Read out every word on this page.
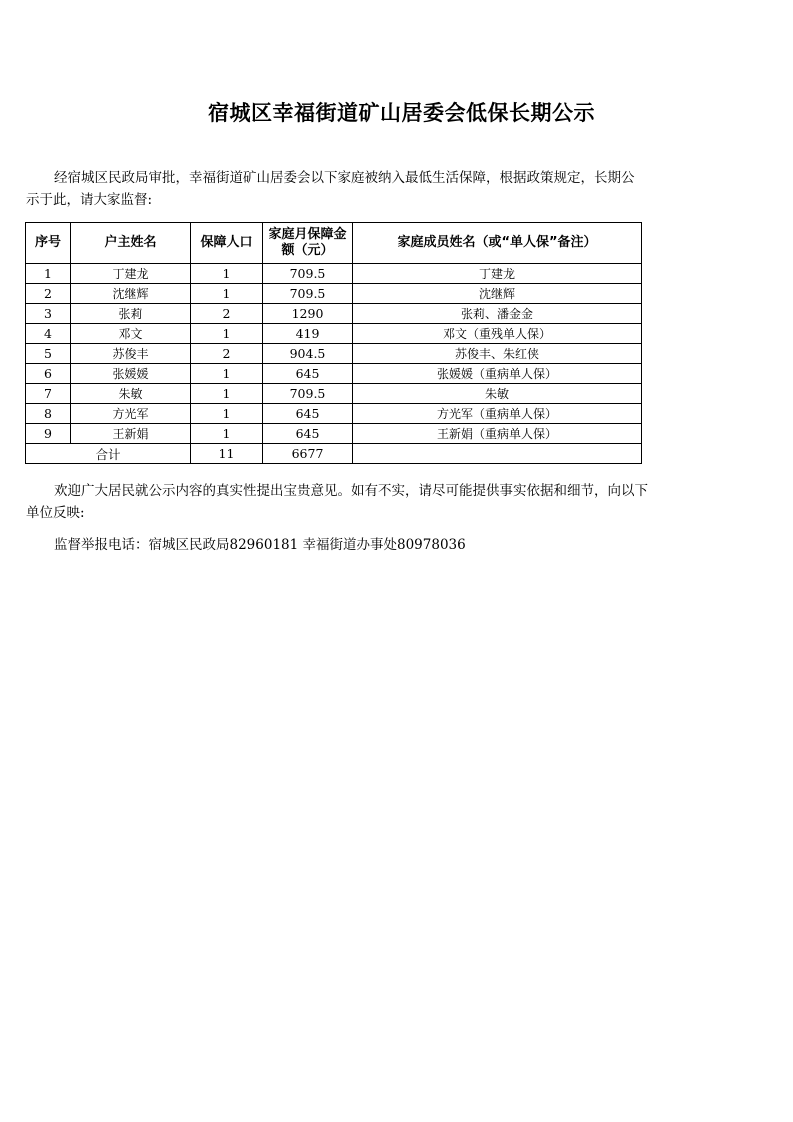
宿城区幸福街道矿山居委会低保长期公示
经宿城区民政局审批，幸福街道矿山居委会以下家庭被纳入最低生活保障，根据政策规定，长期公示于此，请大家监督:
序号	户主姓名	保障人口	家庭月保障金额（元）	家庭成员姓名（或“单人保”备注）
1	丁建龙	1	709.5	丁建龙
2	沈继辉	1	709.5	沈继辉
3	张莉	2	1290	张莉、潘金金
4	邓文	1	419	邓文（重残单人保）
5	苏俊丰	2	904.5	苏俊丰、朱红侠
6	张媛媛	1	645	张媛媛（重病单人保）
7	朱敏	1	709.5	朱敏
8	方光军	1	645	方光军（重病单人保）
9	王新娟	1	645	王新娟（重病单人保）
合计		11	6677	
欢迎广大居民就公示内容的真实性提出宝贵意见。如有不实，请尽可能提供事实依据和细节，向以下单位反映:
监督举报电话：宿城区民政局82960181 幸福街道办事处80978036
